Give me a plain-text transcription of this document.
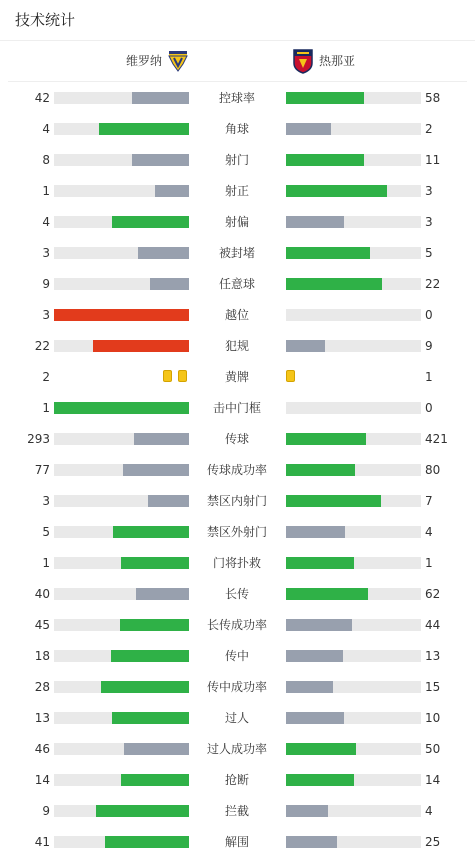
技术统计
维罗纳	热那亚
42	控球率	58
4	角球	2
8	射门	11
1	射正	3
4	射偏	3
3	被封堵	5
9	任意球	22
3	越位	0
22	犯规	9
2	黄牌	1
1	击中门框	0
293	传球	421
77	传球成功率	80
3	禁区内射门	7
5	禁区外射门	4
1	门将扑救	1
40	长传	62
45	长传成功率	44
18	传中	13
28	传中成功率	15
13	过人	10
46	过人成功率	50
14	抢断	14
9	拦截	4
41	解围	25
